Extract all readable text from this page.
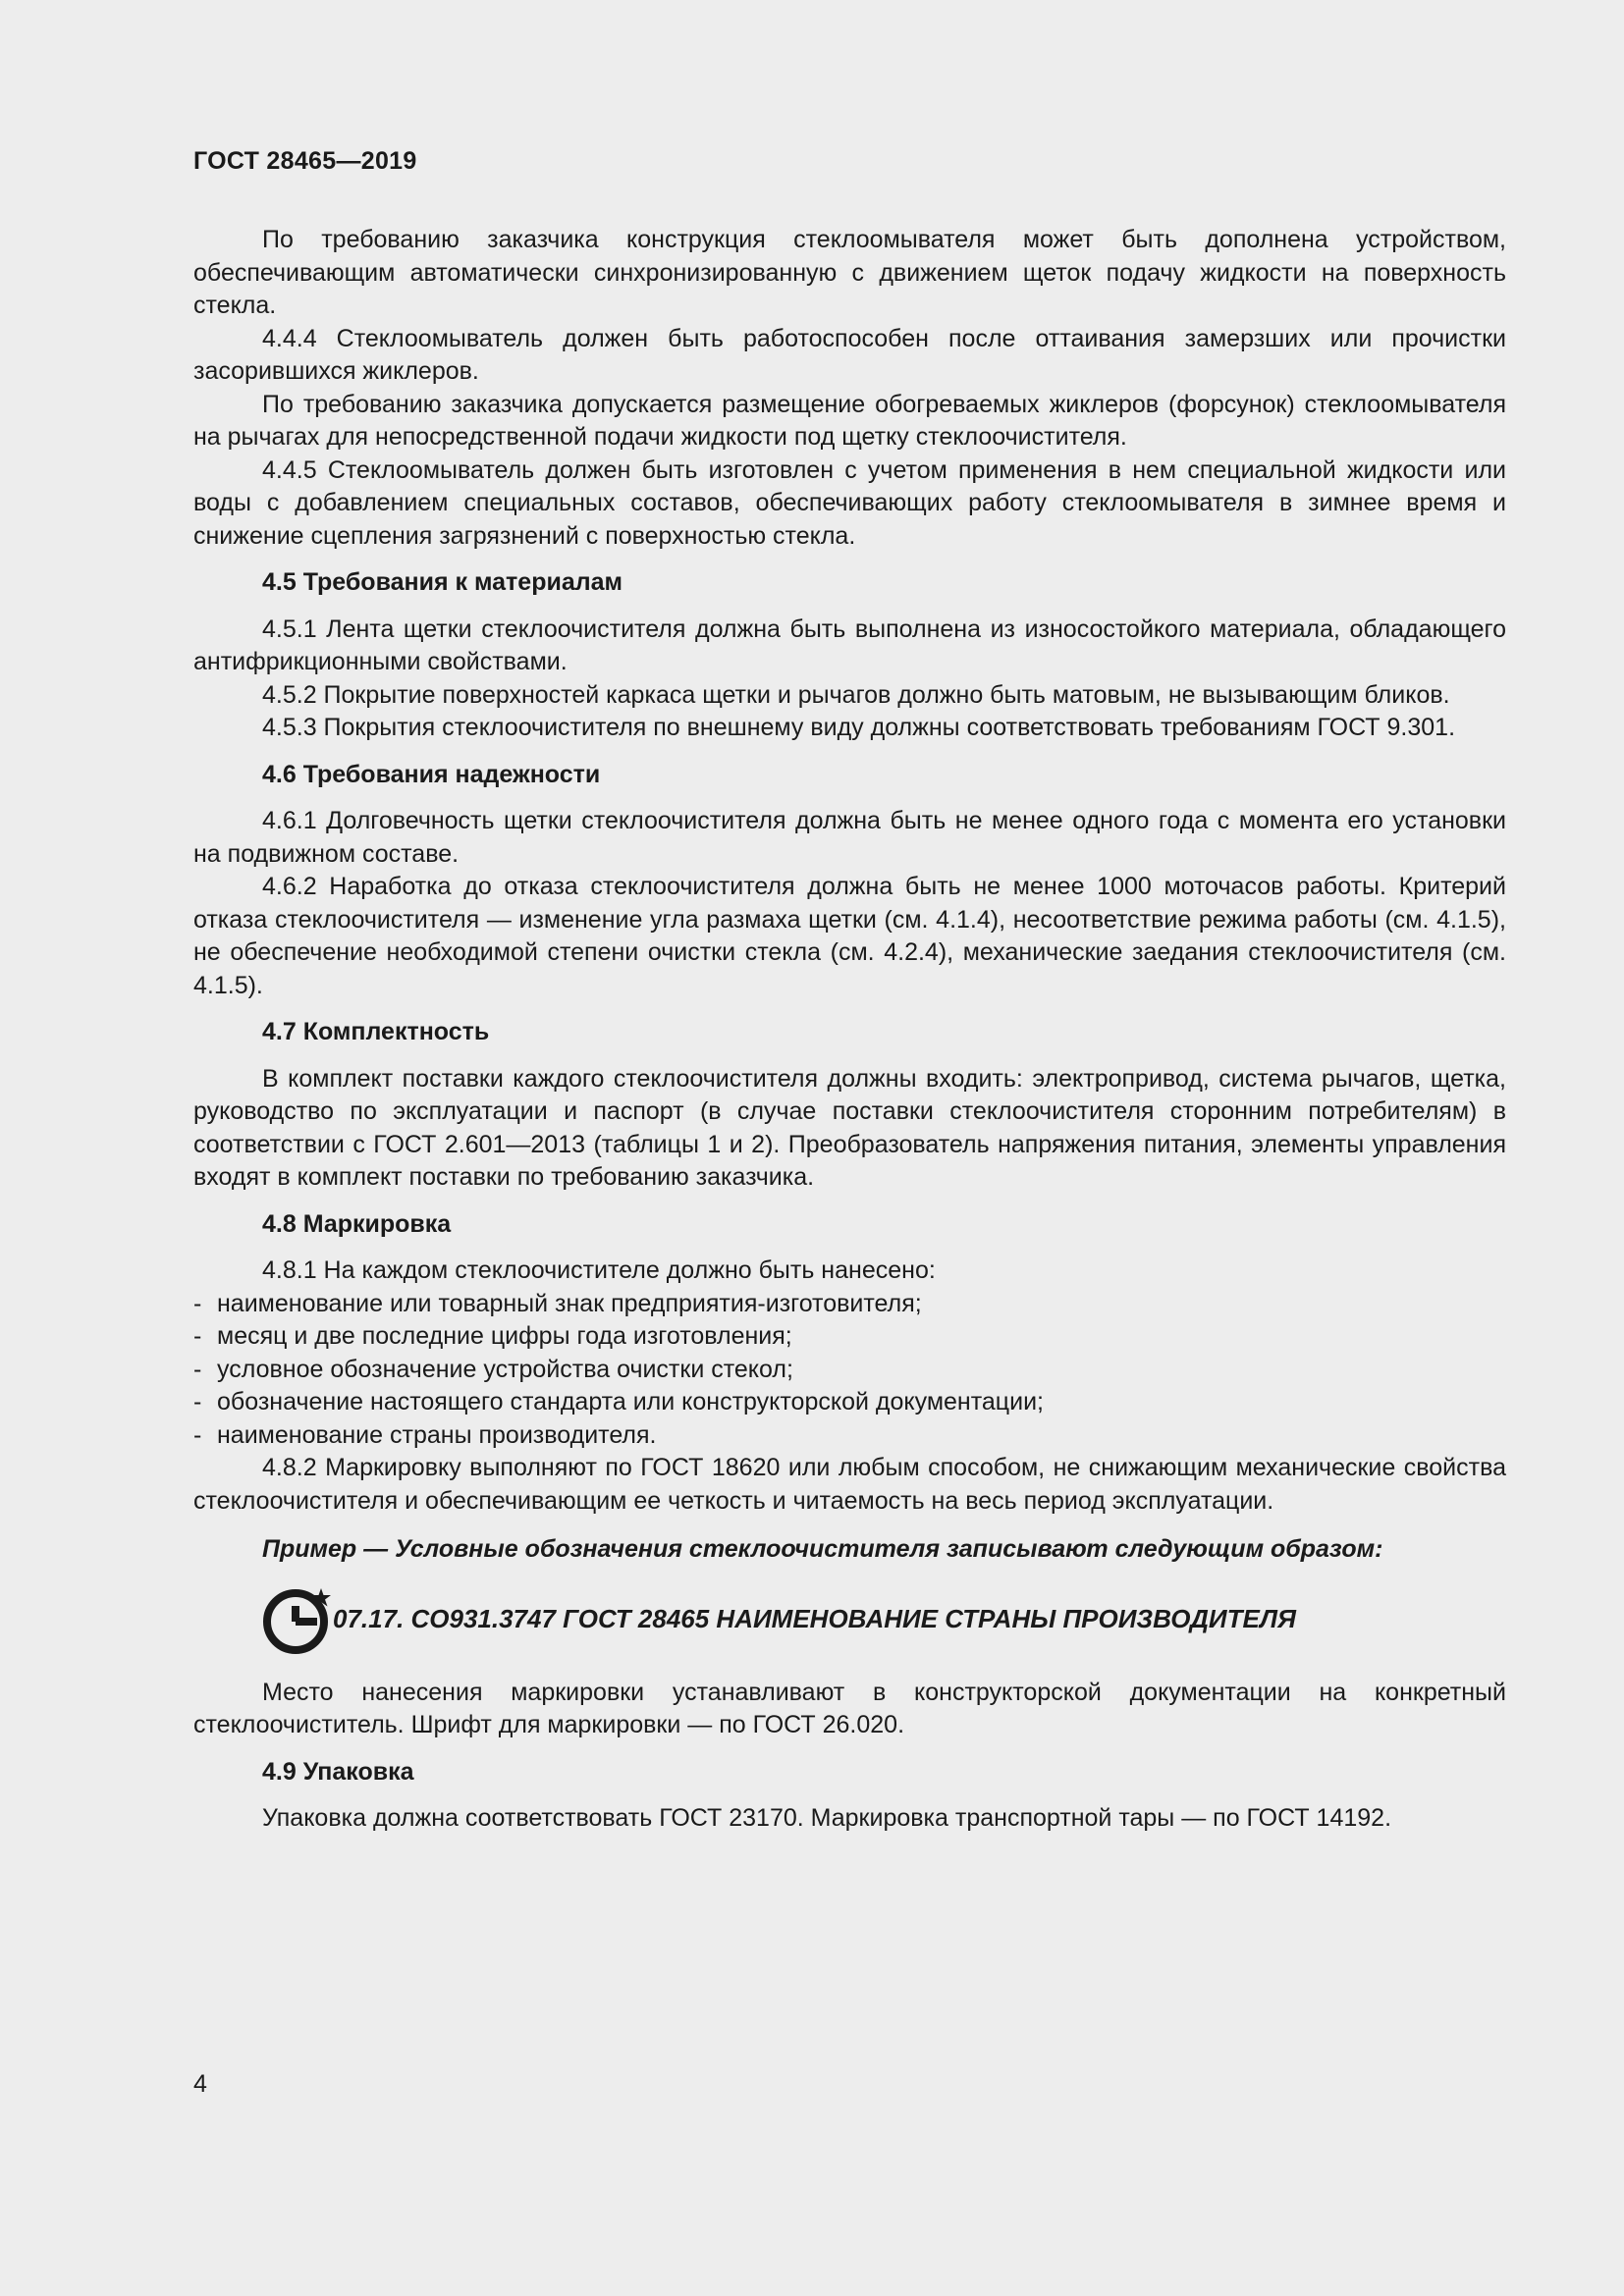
ГОСТ 28465—2019

По требованию заказчика конструкция стеклоомывателя может быть дополнена устройством, обеспечивающим автоматически синхронизированную с движением щеток подачу жидкости на поверхность стекла.

4.4.4 Стеклоомыватель должен быть работоспособен после оттаивания замерзших или прочистки засорившихся жиклеров.

По требованию заказчика допускается размещение обогреваемых жиклеров (форсунок) стеклоомывателя на рычагах для непосредственной подачи жидкости под щетку стеклоочистителя.

4.4.5 Стеклоомыватель должен быть изготовлен с учетом применения в нем специальной жидкости или воды с добавлением специальных составов, обеспечивающих работу стеклоомывателя в зимнее время и снижение сцепления загрязнений с поверхностью стекла.

4.5 Требования к материалам

4.5.1 Лента щетки стеклоочистителя должна быть выполнена из износостойкого материала, обладающего антифрикционными свойствами.

4.5.2 Покрытие поверхностей каркаса щетки и рычагов должно быть матовым, не вызывающим бликов.

4.5.3 Покрытия стеклоочистителя по внешнему виду должны соответствовать требованиям ГОСТ 9.301.

4.6 Требования надежности

4.6.1 Долговечность щетки стеклоочистителя должна быть не менее одного года с момента его установки на подвижном составе.

4.6.2 Наработка до отказа стеклоочистителя должна быть не менее 1000 моточасов работы. Критерий отказа стеклоочистителя — изменение угла размаха щетки (см. 4.1.4), несоответствие режима работы (см. 4.1.5), не обеспечение необходимой степени очистки стекла (см. 4.2.4), механические заедания стеклоочистителя (см. 4.1.5).

4.7 Комплектность

В комплект поставки каждого стеклоочистителя должны входить: электропривод, система рычагов, щетка, руководство по эксплуатации и паспорт (в случае поставки стеклоочистителя сторонним потребителям) в соответствии с ГОСТ 2.601—2013 (таблицы 1 и 2). Преобразователь напряжения питания, элементы управления входят в комплект поставки по требованию заказчика.

4.8 Маркировка

4.8.1 На каждом стеклоочистителе должно быть нанесено:

- наименование или товарный знак предприятия-изготовителя;

- месяц и две последние цифры года изготовления;

- условное обозначение устройства очистки стекол;

- обозначение настоящего стандарта или конструкторской документации;

- наименование страны производителя.

4.8.2 Маркировку выполняют по ГОСТ 18620 или любым способом, не снижающим механические свойства стеклоочистителя и обеспечивающим ее четкость и читаемость на весь период эксплуатации.

Пример — Условные обозначения стеклоочистителя записывают следующим образом:
07.17. СО931.3747 ГОСТ 28465 НАИМЕНОВАНИЕ СТРАНЫ ПРОИЗВОДИТЕЛЯ

Место нанесения маркировки устанавливают в конструкторской документации на конкретный стеклоочиститель. Шрифт для маркировки — по ГОСТ 26.020.

4.9 Упаковка

Упаковка должна соответствовать ГОСТ 23170. Маркировка транспортной тары — по ГОСТ 14192.

4
